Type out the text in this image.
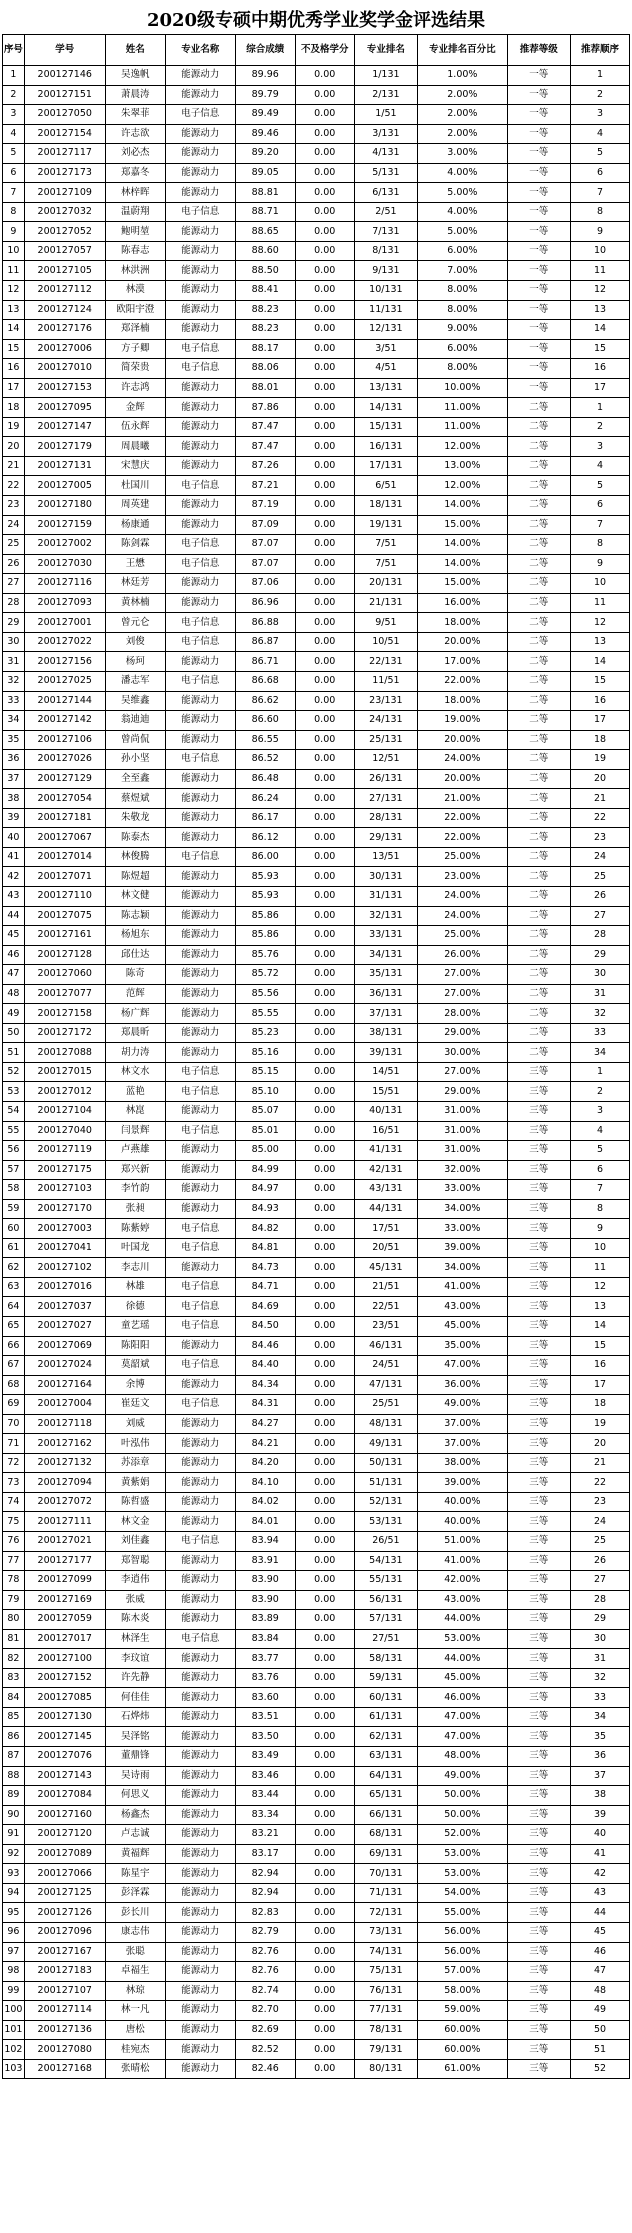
2020级专硕中期优秀学业奖学金评选结果
序号	学号	姓名	专业名称	综合成绩	不及格学分	专业排名	专业排名百分比	推荐等级	推荐顺序
1	200127146	吴逸帆	能源动力	89.96	0.00	1/131	1.00%	一等	1
2	200127151	萧晨涛	能源动力	89.79	0.00	2/131	2.00%	一等	2
3	200127050	朱翠菲	电子信息	89.49	0.00	1/51	2.00%	一等	3
4	200127154	许志欲	能源动力	89.46	0.00	3/131	2.00%	一等	4
5	200127117	刘必杰	能源动力	89.20	0.00	4/131	3.00%	一等	5
6	200127173	郑嘉冬	能源动力	89.05	0.00	5/131	4.00%	一等	6
7	200127109	林梓晖	能源动力	88.81	0.00	6/131	5.00%	一等	7
8	200127032	温蔚翔	电子信息	88.71	0.00	2/51	4.00%	一等	8
9	200127052	鲍明堃	能源动力	88.65	0.00	7/131	5.00%	一等	9
10	200127057	陈春志	能源动力	88.60	0.00	8/131	6.00%	一等	10
11	200127105	林洪洲	能源动力	88.50	0.00	9/131	7.00%	一等	11
12	200127112	林漠	能源动力	88.41	0.00	10/131	8.00%	一等	12
13	200127124	欧阳宇澄	能源动力	88.23	0.00	11/131	8.00%	一等	13
14	200127176	郑泽楠	能源动力	88.23	0.00	12/131	9.00%	一等	14
15	200127006	方子卿	电子信息	88.17	0.00	3/51	6.00%	一等	15
16	200127010	简荣贵	电子信息	88.06	0.00	4/51	8.00%	一等	16
17	200127153	许志鸿	能源动力	88.01	0.00	13/131	10.00%	一等	17
18	200127095	金辉	能源动力	87.86	0.00	14/131	11.00%	二等	1
19	200127147	伍永辉	能源动力	87.47	0.00	15/131	11.00%	二等	2
20	200127179	周晨曦	能源动力	87.47	0.00	16/131	12.00%	二等	3
21	200127131	宋慧庆	能源动力	87.26	0.00	17/131	13.00%	二等	4
22	200127005	杜国川	电子信息	87.21	0.00	6/51	12.00%	二等	5
23	200127180	周英建	能源动力	87.19	0.00	18/131	14.00%	二等	6
24	200127159	杨康通	能源动力	87.09	0.00	19/131	15.00%	二等	7
25	200127002	陈剑霖	电子信息	87.07	0.00	7/51	14.00%	二等	8
26	200127030	王懋	电子信息	87.07	0.00	7/51	14.00%	二等	9
27	200127116	林廷芳	能源动力	87.06	0.00	20/131	15.00%	二等	10
28	200127093	黄林楠	能源动力	86.96	0.00	21/131	16.00%	二等	11
29	200127001	曾元仑	电子信息	86.88	0.00	9/51	18.00%	二等	12
30	200127022	刘俊	电子信息	86.87	0.00	10/51	20.00%	二等	13
31	200127156	杨珂	能源动力	86.71	0.00	22/131	17.00%	二等	14
32	200127025	潘志军	电子信息	86.68	0.00	11/51	22.00%	二等	15
33	200127144	吴维鑫	能源动力	86.62	0.00	23/131	18.00%	二等	16
34	200127142	翁迪迪	能源动力	86.60	0.00	24/131	19.00%	二等	17
35	200127106	曾尚侃	能源动力	86.55	0.00	25/131	20.00%	二等	18
36	200127026	孙小坚	电子信息	86.52	0.00	12/51	24.00%	二等	19
37	200127129	全至鑫	能源动力	86.48	0.00	26/131	20.00%	二等	20
38	200127054	蔡煜斌	能源动力	86.24	0.00	27/131	21.00%	二等	21
39	200127181	朱敬龙	能源动力	86.17	0.00	28/131	22.00%	二等	22
40	200127067	陈泰杰	能源动力	86.12	0.00	29/131	22.00%	二等	23
41	200127014	林俊腾	电子信息	86.00	0.00	13/51	25.00%	二等	24
42	200127071	陈煜超	能源动力	85.93	0.00	30/131	23.00%	二等	25
43	200127110	林文健	能源动力	85.93	0.00	31/131	24.00%	二等	26
44	200127075	陈志颖	能源动力	85.86	0.00	32/131	24.00%	二等	27
45	200127161	杨旭东	能源动力	85.86	0.00	33/131	25.00%	二等	28
46	200127128	邱仕达	能源动力	85.76	0.00	34/131	26.00%	二等	29
47	200127060	陈奇	能源动力	85.72	0.00	35/131	27.00%	二等	30
48	200127077	范辉	能源动力	85.56	0.00	36/131	27.00%	二等	31
49	200127158	杨广辉	能源动力	85.55	0.00	37/131	28.00%	二等	32
50	200127172	郑晨昕	能源动力	85.23	0.00	38/131	29.00%	二等	33
51	200127088	胡力涛	能源动力	85.16	0.00	39/131	30.00%	二等	34
52	200127015	林文水	电子信息	85.15	0.00	14/51	27.00%	三等	1
53	200127012	蓝艳	电子信息	85.10	0.00	15/51	29.00%	三等	2
54	200127104	林崑	能源动力	85.07	0.00	40/131	31.00%	三等	3
55	200127040	闫景辉	电子信息	85.01	0.00	16/51	31.00%	三等	4
56	200127119	卢燕雄	能源动力	85.00	0.00	41/131	31.00%	三等	5
57	200127175	郑兴新	能源动力	84.99	0.00	42/131	32.00%	三等	6
58	200127103	李竹韵	能源动力	84.97	0.00	43/131	33.00%	三等	7
59	200127170	张昶	能源动力	84.93	0.00	44/131	34.00%	三等	8
60	200127003	陈紫婷	电子信息	84.82	0.00	17/51	33.00%	三等	9
61	200127041	叶国龙	电子信息	84.81	0.00	20/51	39.00%	三等	10
62	200127102	李志川	能源动力	84.73	0.00	45/131	34.00%	三等	11
63	200127016	林雄	电子信息	84.71	0.00	21/51	41.00%	三等	12
64	200127037	徐德	电子信息	84.69	0.00	22/51	43.00%	三等	13
65	200127027	童艺瑶	电子信息	84.50	0.00	23/51	45.00%	三等	14
66	200127069	陈阳阳	能源动力	84.46	0.00	46/131	35.00%	三等	15
67	200127024	莫韶斌	电子信息	84.40	0.00	24/51	47.00%	三等	16
68	200127164	余博	能源动力	84.34	0.00	47/131	36.00%	三等	17
69	200127004	崔廷文	电子信息	84.31	0.00	25/51	49.00%	三等	18
70	200127118	刘威	能源动力	84.27	0.00	48/131	37.00%	三等	19
71	200127162	叶泓伟	能源动力	84.21	0.00	49/131	37.00%	三等	20
72	200127132	苏添章	能源动力	84.20	0.00	50/131	38.00%	三等	21
73	200127094	黄紫娟	能源动力	84.10	0.00	51/131	39.00%	三等	22
74	200127072	陈哲盛	能源动力	84.02	0.00	52/131	40.00%	三等	23
75	200127111	林文金	能源动力	84.01	0.00	53/131	40.00%	三等	24
76	200127021	刘佳鑫	电子信息	83.94	0.00	26/51	51.00%	三等	25
77	200127177	郑智聪	能源动力	83.91	0.00	54/131	41.00%	三等	26
78	200127099	李逍伟	能源动力	83.90	0.00	55/131	42.00%	三等	27
79	200127169	张威	能源动力	83.90	0.00	56/131	43.00%	三等	28
80	200127059	陈木炎	能源动力	83.89	0.00	57/131	44.00%	三等	29
81	200127017	林泽生	电子信息	83.84	0.00	27/51	53.00%	三等	30
82	200127100	李玟谊	能源动力	83.77	0.00	58/131	44.00%	三等	31
83	200127152	许先静	能源动力	83.76	0.00	59/131	45.00%	三等	32
84	200127085	何佳佳	能源动力	83.60	0.00	60/131	46.00%	三等	33
85	200127130	石烨炜	能源动力	83.51	0.00	61/131	47.00%	三等	34
86	200127145	吴泽铭	能源动力	83.50	0.00	62/131	47.00%	三等	35
87	200127076	董鼎锋	能源动力	83.49	0.00	63/131	48.00%	三等	36
88	200127143	吴诗雨	能源动力	83.46	0.00	64/131	49.00%	三等	37
89	200127084	何思义	能源动力	83.44	0.00	65/131	50.00%	三等	38
90	200127160	杨鑫杰	能源动力	83.34	0.00	66/131	50.00%	三等	39
91	200127120	卢志诚	能源动力	83.21	0.00	68/131	52.00%	三等	40
92	200127089	黄福辉	能源动力	83.17	0.00	69/131	53.00%	三等	41
93	200127066	陈星宇	能源动力	82.94	0.00	70/131	53.00%	三等	42
94	200127125	彭泽霖	能源动力	82.94	0.00	71/131	54.00%	三等	43
95	200127126	彭长川	能源动力	82.83	0.00	72/131	55.00%	三等	44
96	200127096	康志伟	能源动力	82.79	0.00	73/131	56.00%	三等	45
97	200127167	张聪	能源动力	82.76	0.00	74/131	56.00%	三等	46
98	200127183	卓福生	能源动力	82.76	0.00	75/131	57.00%	三等	47
99	200127107	林琼	能源动力	82.74	0.00	76/131	58.00%	三等	48
100	200127114	林一凡	能源动力	82.70	0.00	77/131	59.00%	三等	49
101	200127136	唐松	能源动力	82.69	0.00	78/131	60.00%	三等	50
102	200127080	桂宛杰	能源动力	82.52	0.00	79/131	60.00%	三等	51
103	200127168	张晴松	能源动力	82.46	0.00	80/131	61.00%	三等	52
